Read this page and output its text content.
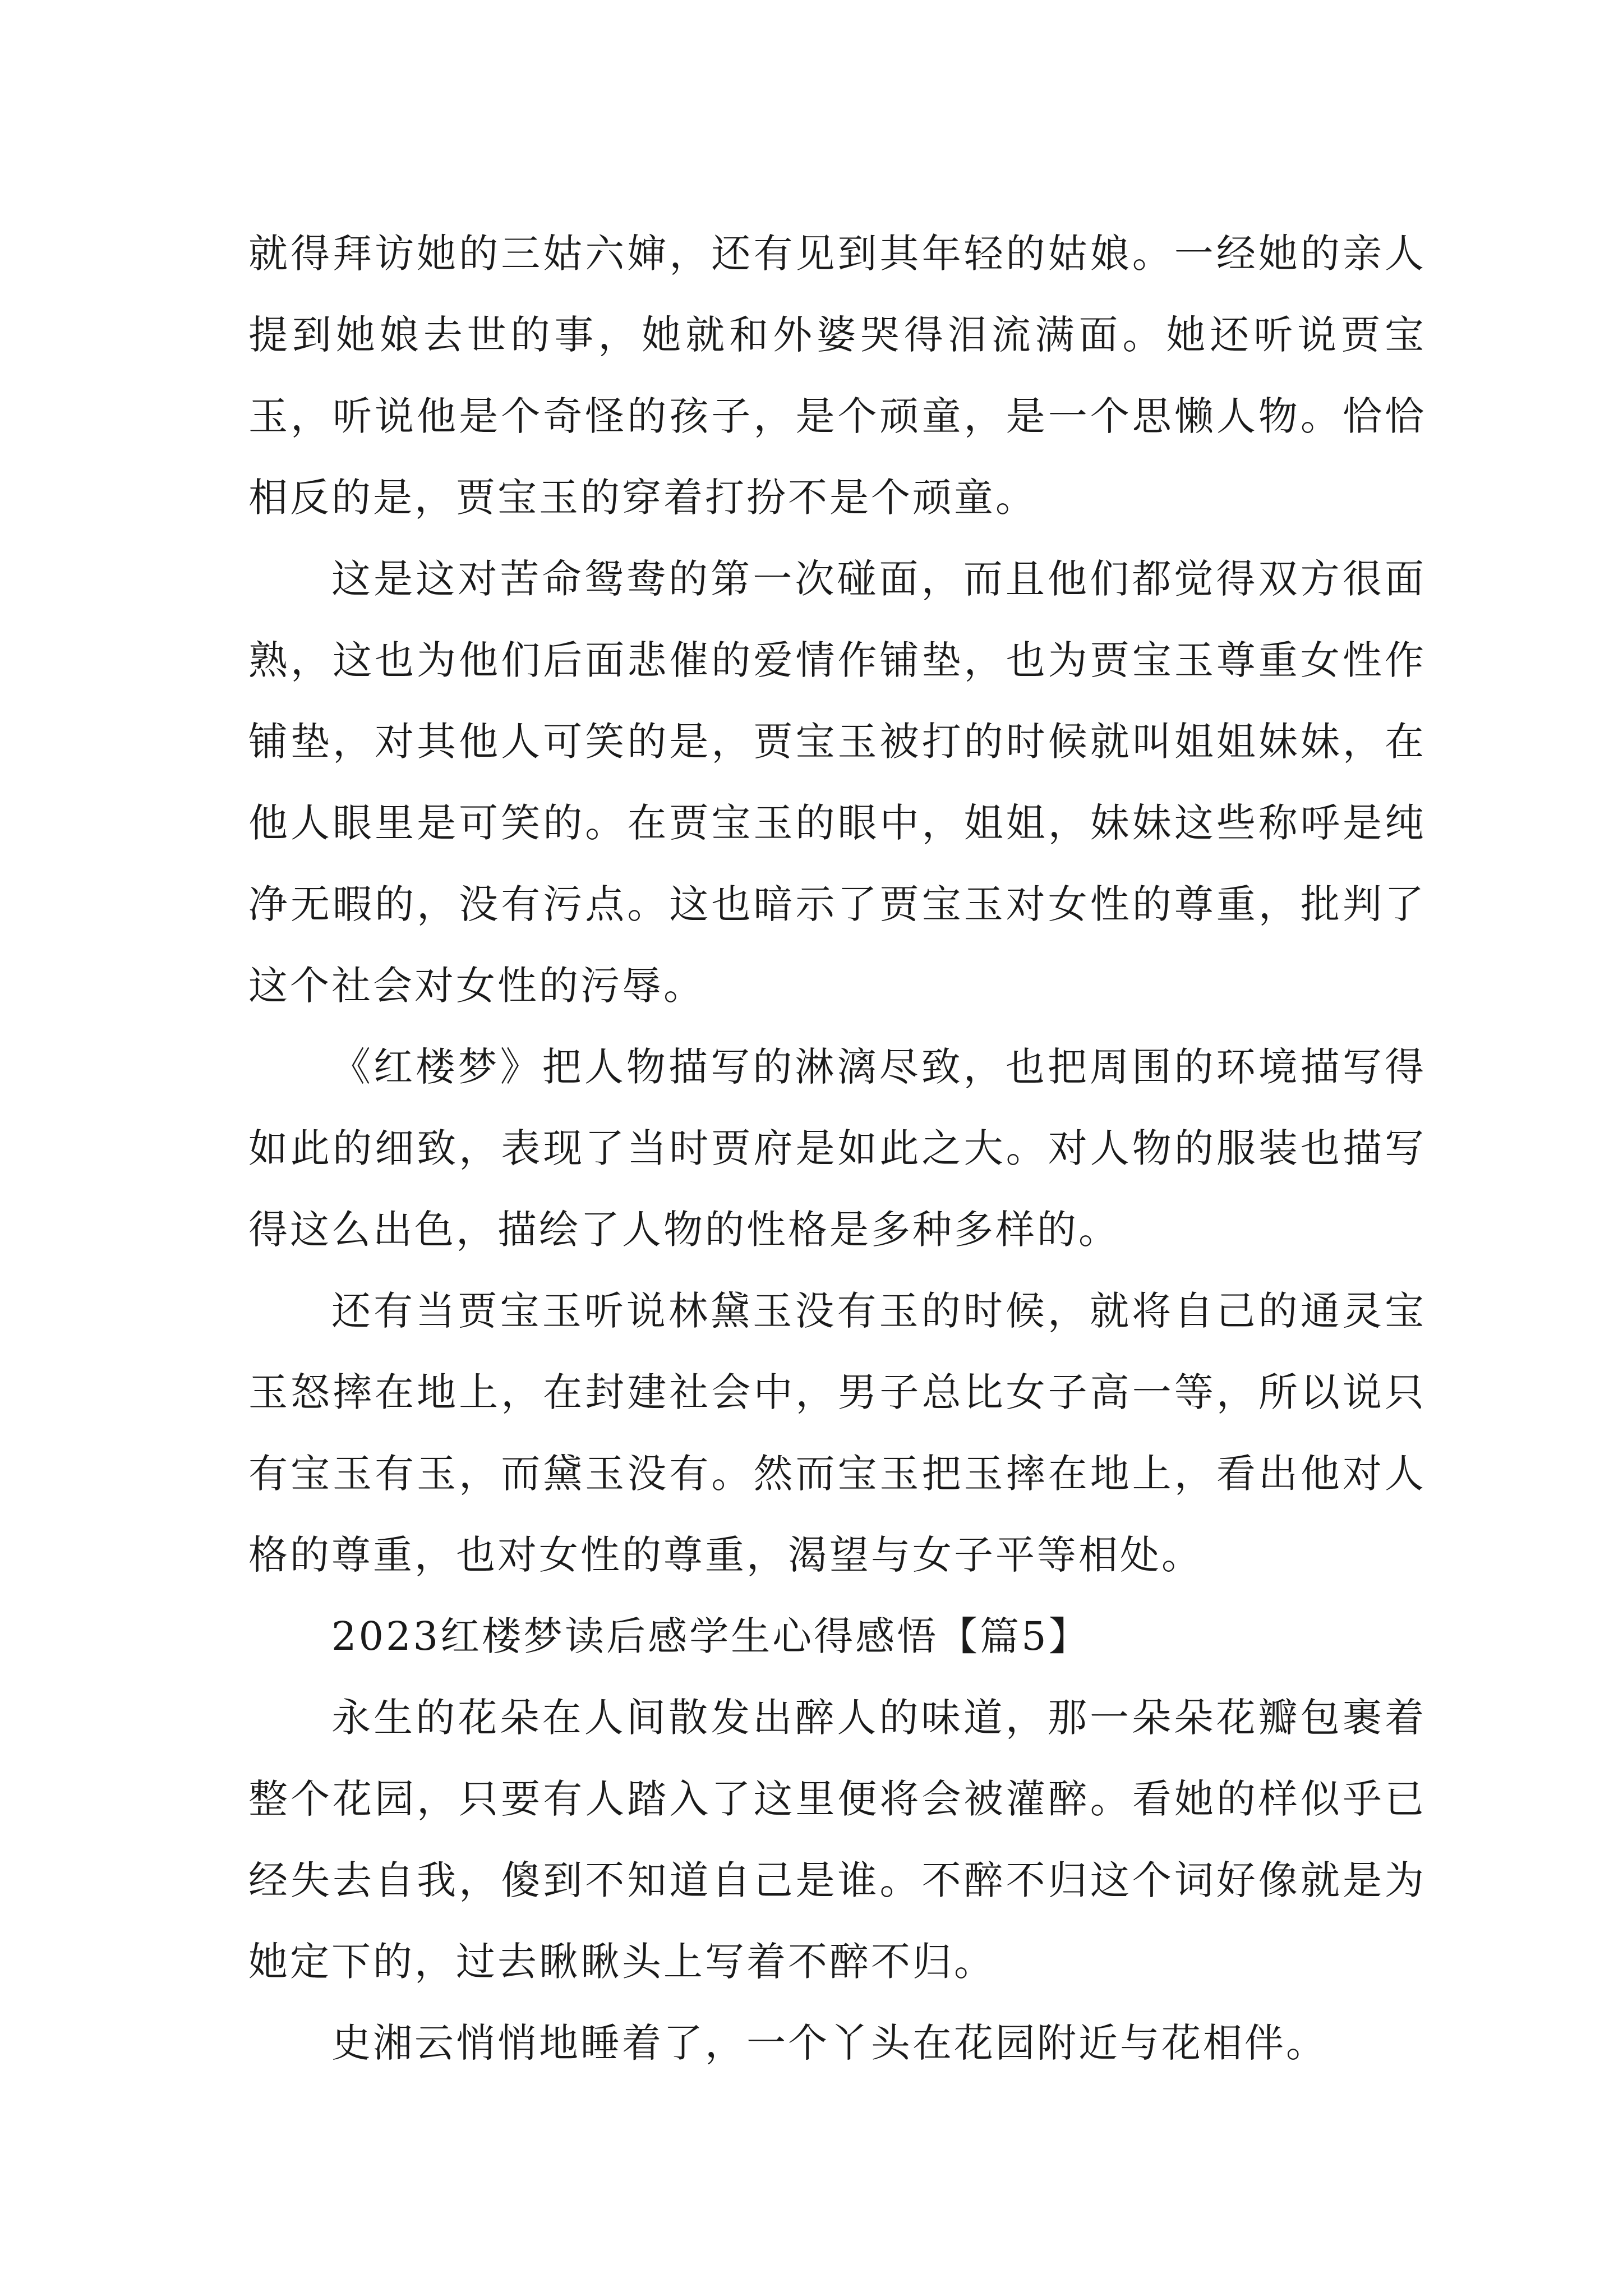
就得拜访她的三姑六婶，还有见到其年轻的姑娘。一经她的亲人提到她娘去世的事，她就和外婆哭得泪流满面。她还听说贾宝玉，听说他是个奇怪的孩子，是个顽童，是一个思懒人物。恰恰相反的是，贾宝玉的穿着打扮不是个顽童。

这是这对苦命鸳鸯的第一次碰面，而且他们都觉得双方很面熟，这也为他们后面悲催的爱情作铺垫，也为贾宝玉尊重女性作铺垫，对其他人可笑的是，贾宝玉被打的时候就叫姐姐妹妹，在他人眼里是可笑的。在贾宝玉的眼中，姐姐，妹妹这些称呼是纯净无暇的，没有污点。这也暗示了贾宝玉对女性的尊重，批判了这个社会对女性的污辱。

《红楼梦》把人物描写的淋漓尽致，也把周围的环境描写得如此的细致，表现了当时贾府是如此之大。对人物的服装也描写得这么出色，描绘了人物的性格是多种多样的。

还有当贾宝玉听说林黛玉没有玉的时候，就将自己的通灵宝玉怒摔在地上，在封建社会中，男子总比女子高一等，所以说只有宝玉有玉，而黛玉没有。然而宝玉把玉摔在地上，看出他对人格的尊重，也对女性的尊重，渴望与女子平等相处。

2023红楼梦读后感学生心得感悟【篇5】

永生的花朵在人间散发出醉人的味道，那一朵朵花瓣包裹着整个花园，只要有人踏入了这里便将会被灌醉。看她的样似乎已经失去自我，傻到不知道自己是谁。不醉不归这个词好像就是为她定下的，过去瞅瞅头上写着不醉不归。

史湘云悄悄地睡着了，一个丫头在花园附近与花相伴。
